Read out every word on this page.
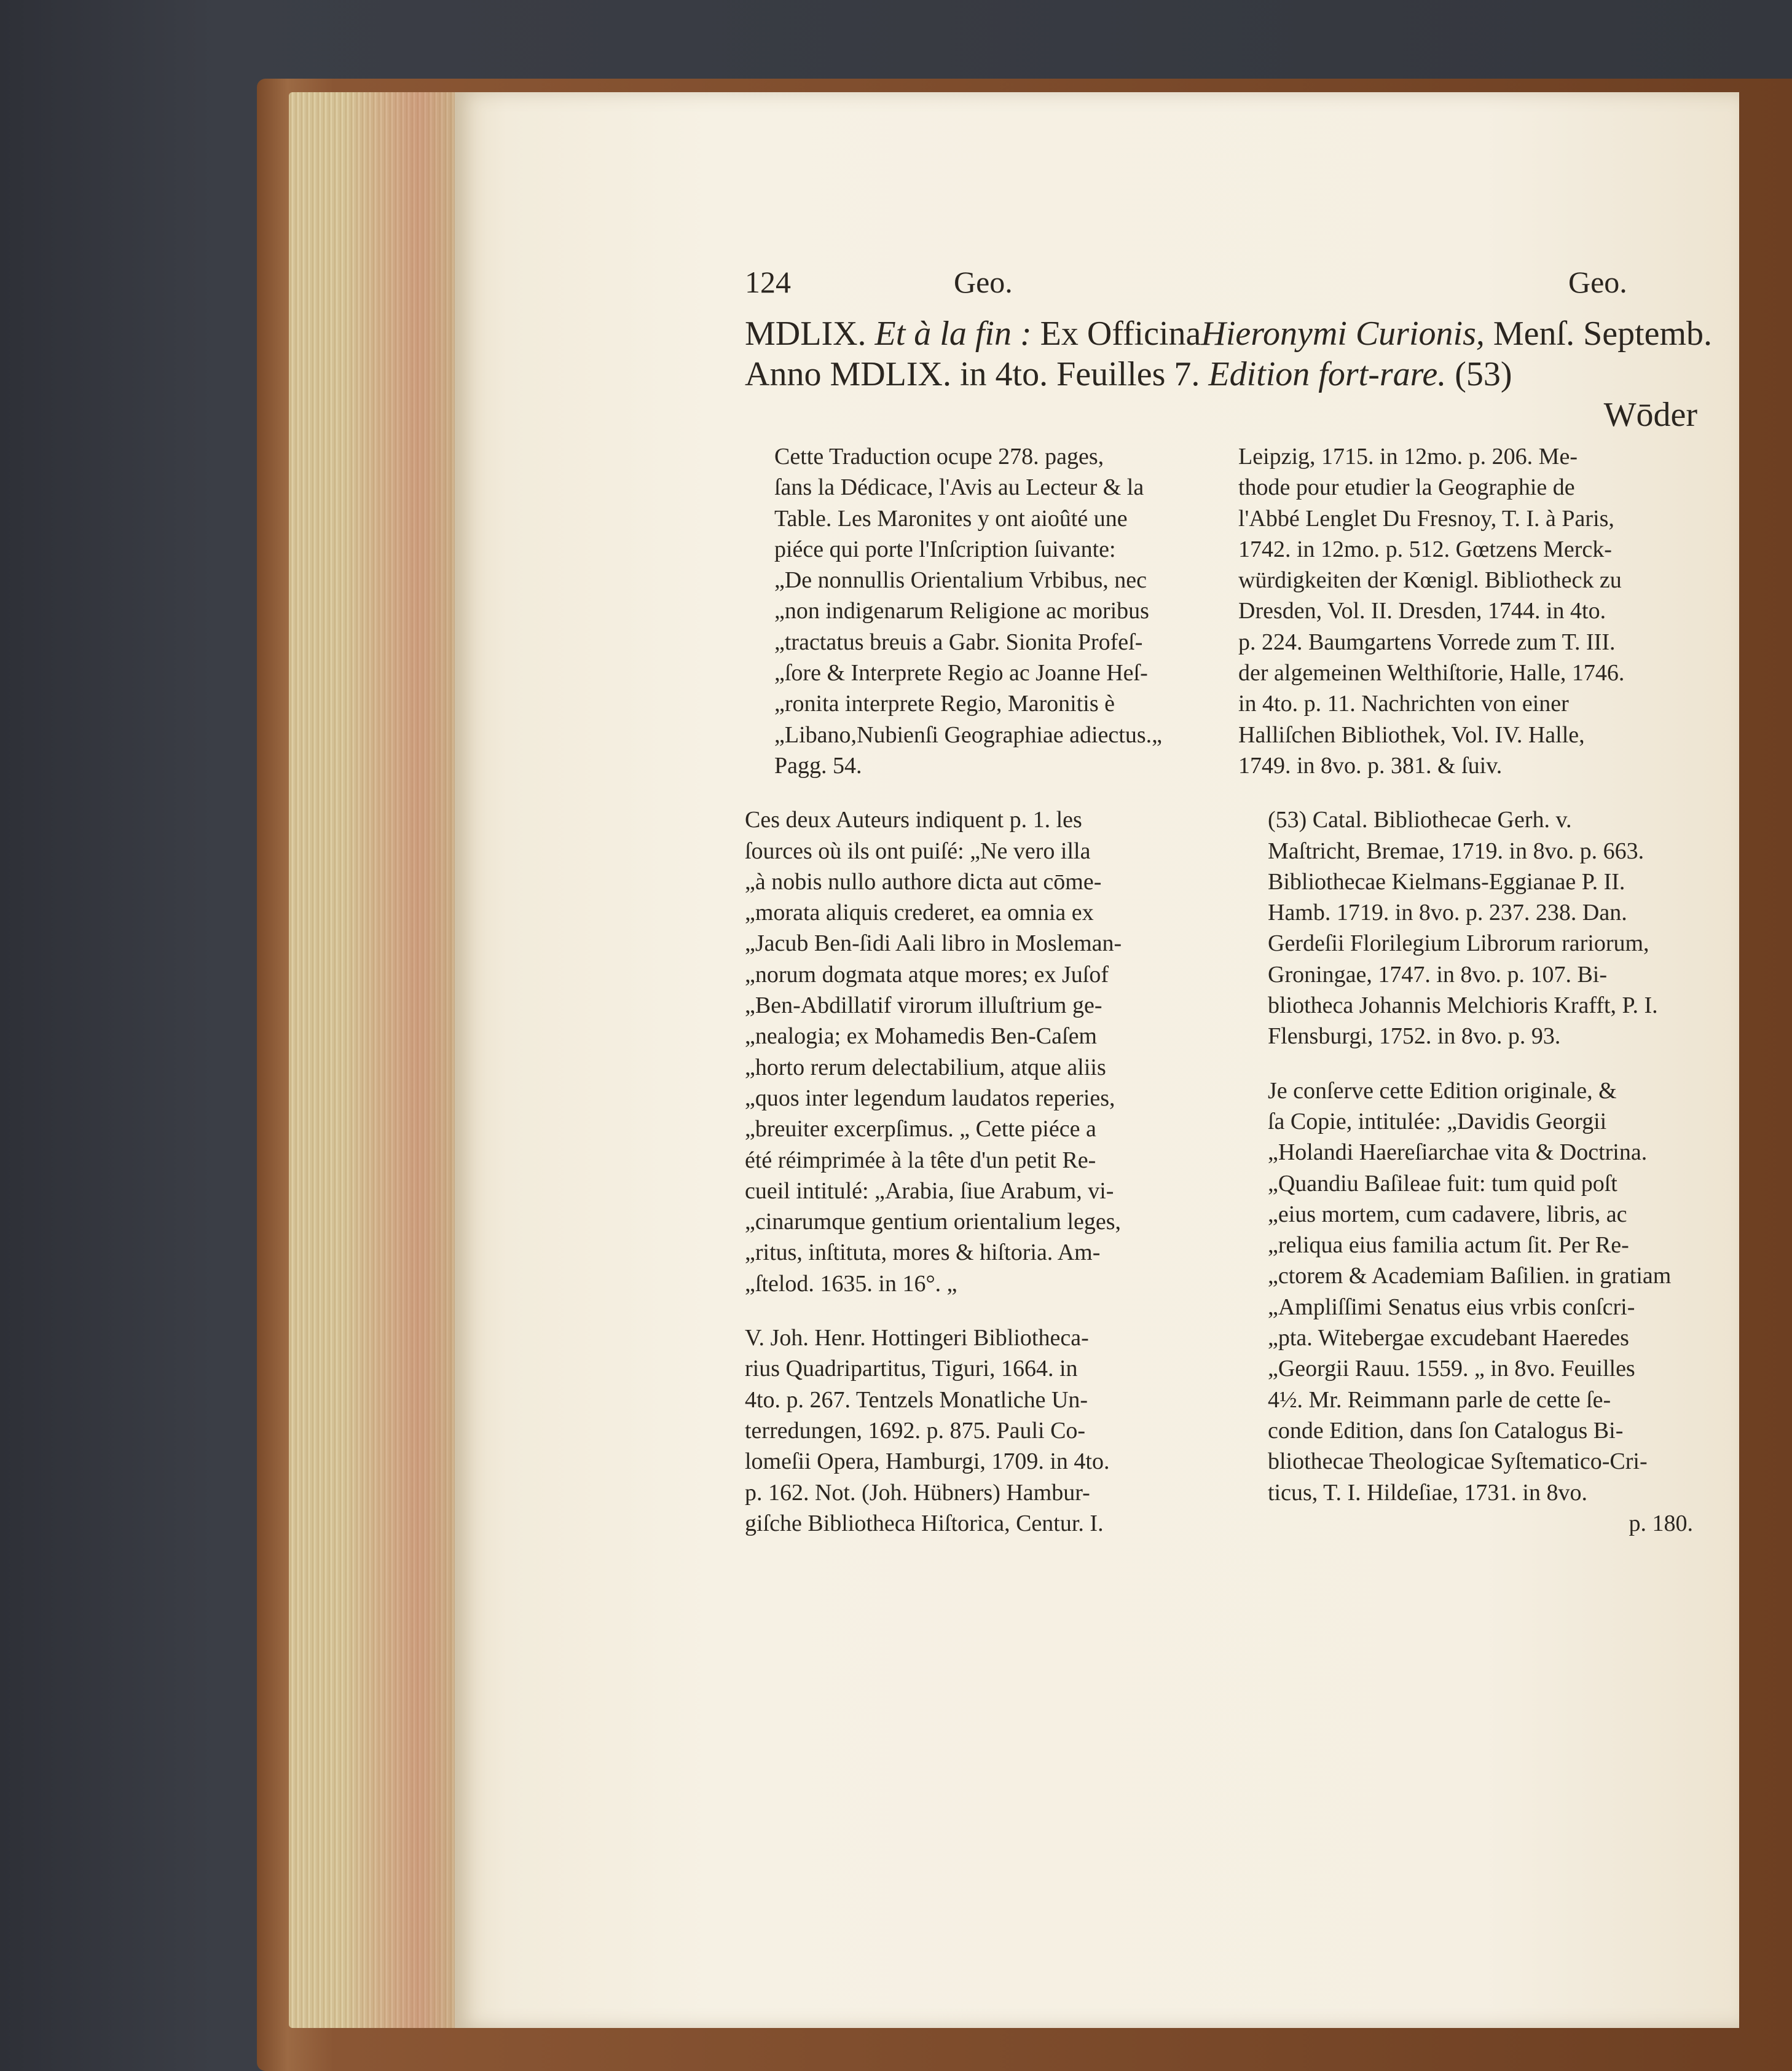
124	Geo.	Geo.
MDLIX. Et à la fin : Ex OfficinaHieronymi Curionis, Menſ. Septemb.
Anno MDLIX. in 4to. Feuilles 7. Edition fort-rare. (53)
Wōder

Cette Traduction ocupe 278. pages,
ſans la Dédicace, l'Avis au Lecteur & la
Table. Les Maronites y ont aioûté une
piéce qui porte l'Inſcription ſuivante:
„De nonnullis Orientalium Vrbibus, nec
„non indigenarum Religione ac moribus
„tractatus breuis a Gabr. Sionita Profeſ-
„ſore & Interprete Regio ac Joanne Heſ-
„ronita interprete Regio, Maronitis è
„Libano,Nubienſi Geographiae adiectus.„
Pagg. 54.

Ces deux Auteurs indiquent p. 1. les
ſources où ils ont puiſé: „Ne vero illa
„à nobis nullo authore dicta aut cōme-
„morata aliquis crederet, ea omnia ex
„Jacub Ben-ſidi Aali libro in Mosleman-
„norum dogmata atque mores; ex Juſof
„Ben-Abdillatif virorum illuſtrium ge-
„nealogia; ex Mohamedis Ben-Caſem
„horto rerum delectabilium, atque aliis
„quos inter legendum laudatos reperies,
„breuiter excerpſimus. „ Cette piéce a
été réimprimée à la tête d'un petit Re-
cueil intitulé: „Arabia, ſiue Arabum, vi-
„cinarumque gentium orientalium leges,
„ritus, inſtituta, mores & hiſtoria. Am-
„ſtelod. 1635. in 16°. „

V. Joh. Henr. Hottingeri Bibliotheca-
rius Quadripartitus, Tiguri, 1664. in
4to. p. 267. Tentzels Monatliche Un-
terredungen, 1692. p. 875. Pauli Co-
lomeſii Opera, Hamburgi, 1709. in 4to.
p. 162. Not. (Joh. Hübners) Hambur-
giſche Bibliotheca Hiſtorica, Centur. I.

Leipzig, 1715. in 12mo. p. 206. Me-
thode pour etudier la Geographie de
l'Abbé Lenglet Du Fresnoy, T. I. à Paris,
1742. in 12mo. p. 512. Gœtzens Merck-
würdigkeiten der Kœnigl. Bibliotheck zu
Dresden, Vol. II. Dresden, 1744. in 4to.
p. 224. Baumgartens Vorrede zum T. III.
der algemeinen Welthiſtorie, Halle, 1746.
in 4to. p. 11. Nachrichten von einer
Halliſchen Bibliothek, Vol. IV. Halle,
1749. in 8vo. p. 381. & ſuiv.

(53) Catal. Bibliothecae Gerh. v.
Maſtricht, Bremae, 1719. in 8vo. p. 663.
Bibliothecae Kielmans-Eggianae P. II.
Hamb. 1719. in 8vo. p. 237. 238. Dan.
Gerdeſii Florilegium Librorum rariorum,
Groningae, 1747. in 8vo. p. 107. Bi-
bliotheca Johannis Melchioris Krafft, P. I.
Flensburgi, 1752. in 8vo. p. 93.

Je conſerve cette Edition originale, &
ſa Copie, intitulée: „Davidis Georgii
„Holandi Haereſiarchae vita & Doctrina.
„Quandiu Baſileae fuit: tum quid poſt
„eius mortem, cum cadavere, libris, ac
„reliqua eius familia actum ſit. Per Re-
„ctorem & Academiam Baſilien. in gratiam
„Ampliſſimi Senatus eius vrbis conſcri-
„pta. Witebergae excudebant Haeredes
„Georgii Rauu. 1559. „ in 8vo. Feuilles
4½. Mr. Reimmann parle de cette ſe-
conde Edition, dans ſon Catalogus Bi-
bliothecae Theologicae Syſtematico-Cri-
ticus, T. I. Hildeſiae, 1731. in 8vo.
p. 180.
